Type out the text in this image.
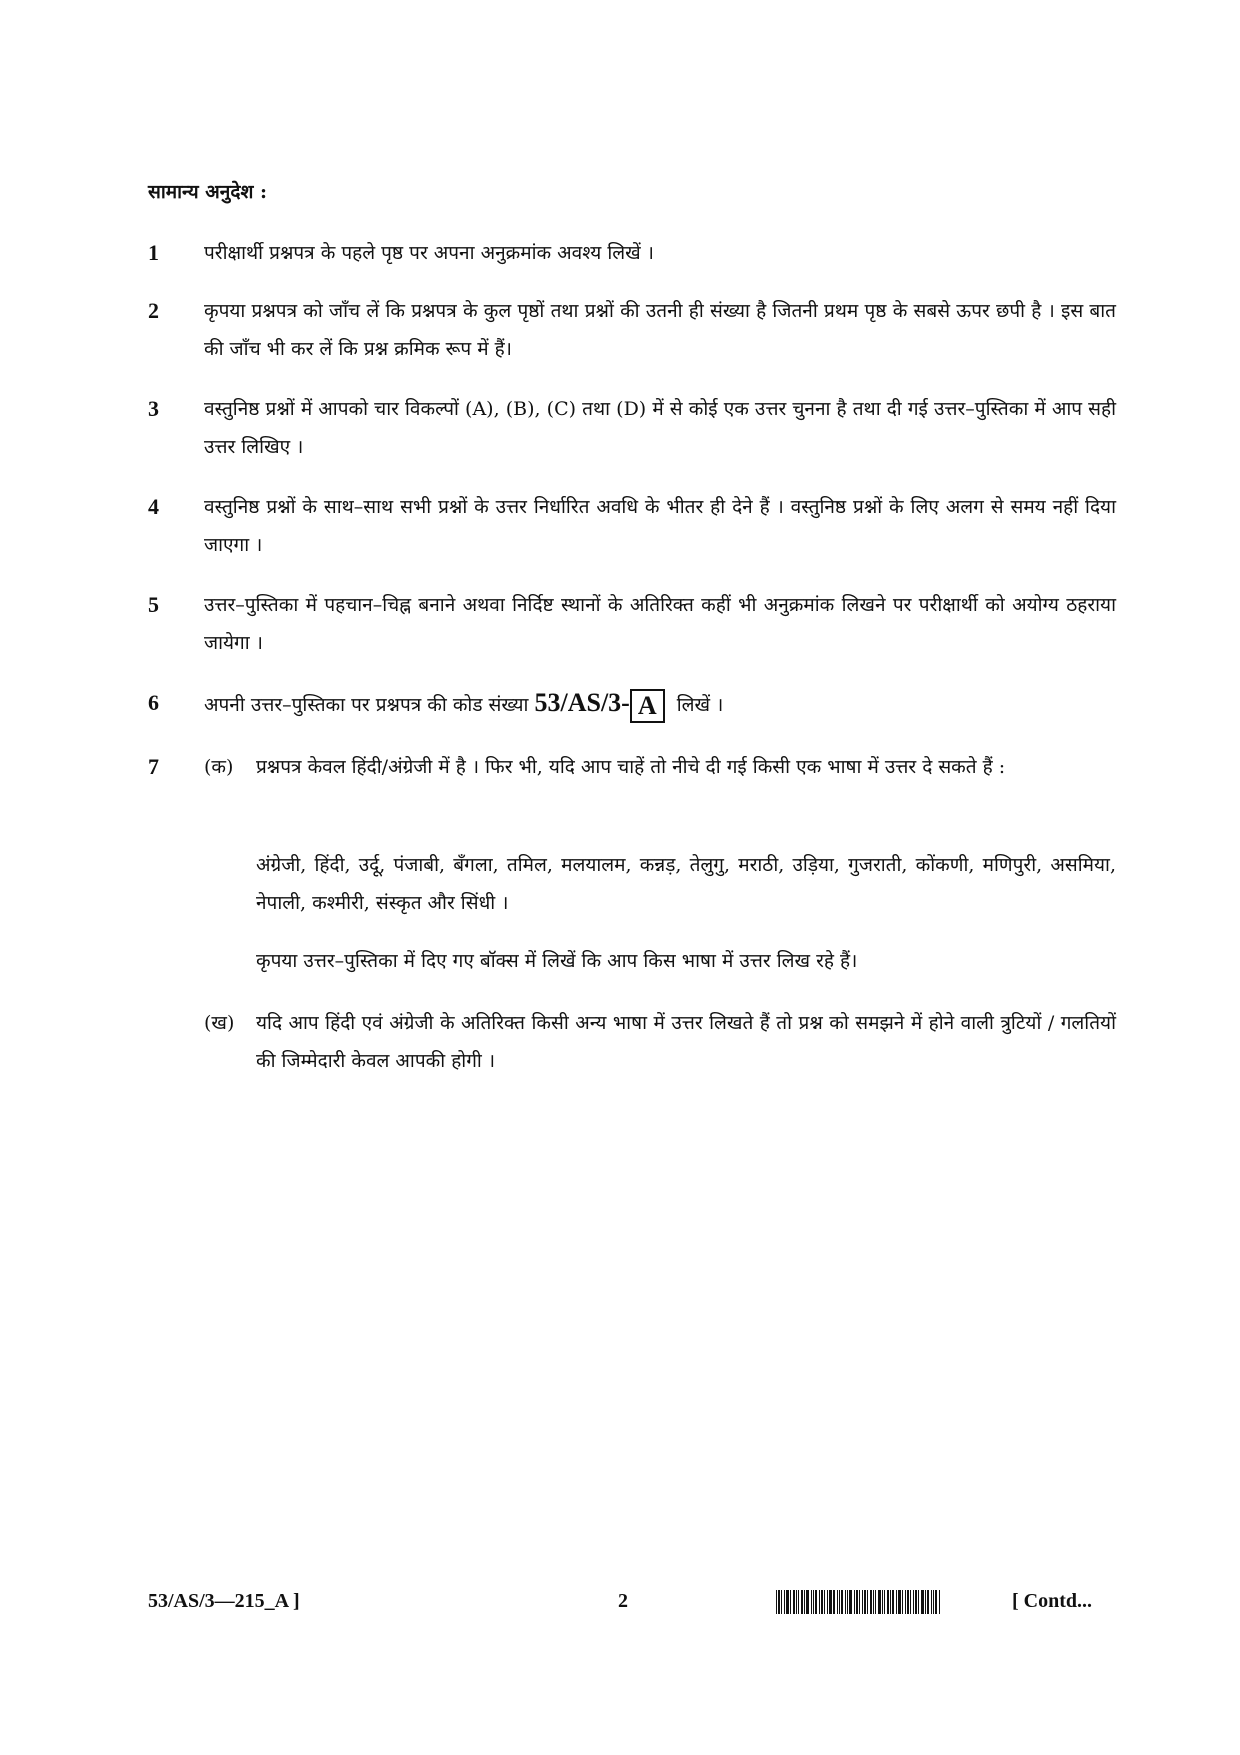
सामान्य अनुदेश :
1	परीक्षार्थी प्रश्नपत्र के पहले पृष्ठ पर अपना अनुक्रमांक अवश्य लिखें ।
2	कृपया प्रश्नपत्र को जाँच लें कि प्रश्नपत्र के कुल पृष्ठों तथा प्रश्नों की उतनी ही संख्या है जितनी प्रथम पृष्ठ के सबसे ऊपर छपी है । इस बात की जाँच भी कर लें कि प्रश्न क्रमिक रूप में हैं।
3	वस्तुनिष्ठ प्रश्नों में आपको चार विकल्पों (A), (B), (C) तथा (D) में से कोई एक उत्तर चुनना है तथा दी गई उत्तर–पुस्तिका में आप सही उत्तर लिखिए ।
4	वस्तुनिष्ठ प्रश्नों के साथ–साथ सभी प्रश्नों के उत्तर निर्धारित अवधि के भीतर ही देने हैं । वस्तुनिष्ठ प्रश्नों के लिए अलग से समय नहीं दिया जाएगा ।
5	उत्तर–पुस्तिका में पहचान–चिह्न बनाने अथवा निर्दिष्ट स्थानों के अतिरिक्त कहीं भी अनुक्रमांक लिखने पर परीक्षार्थी को अयोग्य ठहराया जायेगा ।
6	अपनी उत्तर–पुस्तिका पर प्रश्नपत्र की कोड संख्या 53/AS/3- A लिखें ।
7	(क) प्रश्नपत्र केवल हिंदी/अंग्रेजी में है । फिर भी, यदि आप चाहें तो नीचे दी गई किसी एक भाषा में उत्तर दे सकते हैं :
अंग्रेजी, हिंदी, उर्दू, पंजाबी, बँगला, तमिल, मलयालम, कन्नड़, तेलुगु, मराठी, उड़िया, गुजराती, कोंकणी, मणिपुरी, असमिया, नेपाली, कश्मीरी, संस्कृत और सिंधी ।
कृपया उत्तर–पुस्तिका में दिए गए बॉक्स में लिखें कि आप किस भाषा में उत्तर लिख रहे हैं।
(ख) यदि आप हिंदी एवं अंग्रेजी के अतिरिक्त किसी अन्य भाषा में उत्तर लिखते हैं तो प्रश्न को समझने में होने वाली त्रुटियों / गलतियों की जिम्मेदारी केवल आपकी होगी ।
53/AS/3—215_A ]	2	[ Contd...
